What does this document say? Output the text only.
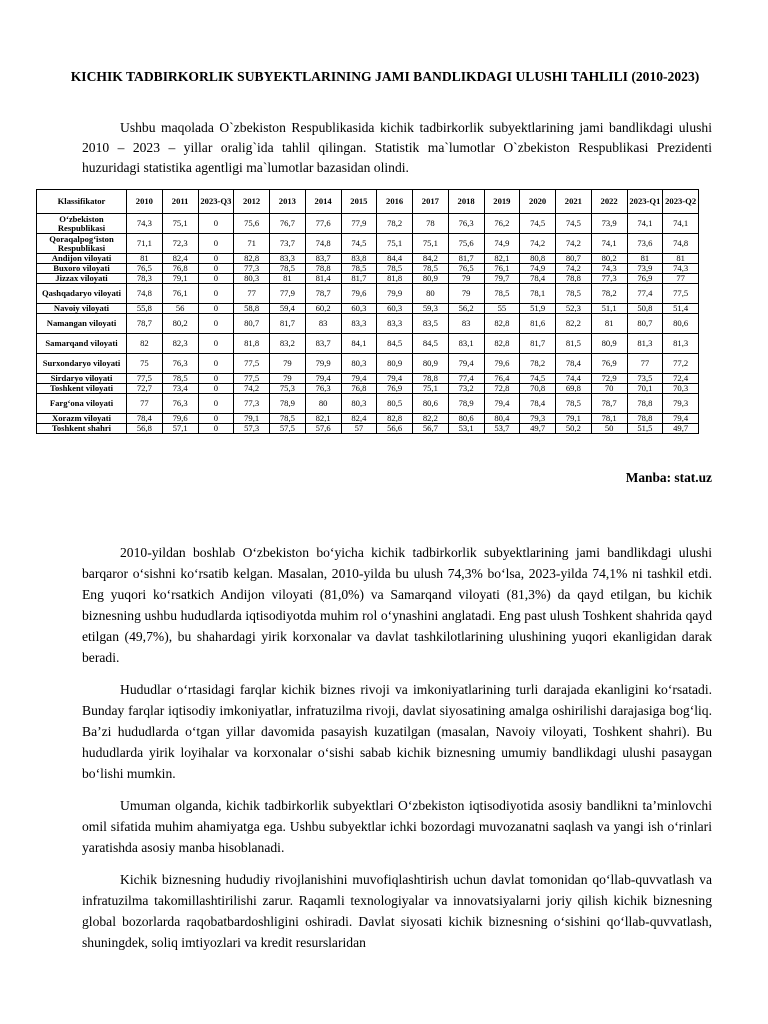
KICHIK TADBIRKORLIK SUBYEKTLARINING JAMI BANDLIKDAGI ULUSHI TAHLILI (2010-2023)

Ushbu maqolada O`zbekiston Respublikasida kichik tadbirkorlik subyektlarining jami bandlikdagi ulushi 2010 – 2023 – yillar oralig`ida tahlil qilingan. Statistik ma`lumotlar O`zbekiston Respublikasi Prezidenti huzuridagi statistika agentligi ma`lumotlar bazasidan olindi.

Klassifikator	2010	2011	2023-Q3	2012	2013	2014	2015	2016	2017	2018	2019	2020	2021	2022	2023-Q1	2023-Q2
O‘zbekiston Respublikasi	74,3	75,1	0	75,6	76,7	77,6	77,9	78,2	78	76,3	76,2	74,5	74,5	73,9	74,1	74,1
Qoraqalpog‘iston Respublikasi	71,1	72,3	0	71	73,7	74,8	74,5	75,1	75,1	75,6	74,9	74,2	74,2	74,1	73,6	74,8
Andijon viloyati	81	82,4	0	82,8	83,3	83,7	83,8	84,4	84,2	81,7	82,1	80,8	80,7	80,2	81	81
Buxoro viloyati	76,5	76,8	0	77,3	78,5	78,8	78,5	78,5	78,5	76,5	76,1	74,9	74,2	74,3	73,9	74,3
Jizzax viloyati	78,3	79,1	0	80,3	81	81,4	81,7	81,8	80,9	79	79,7	78,4	78,8	77,3	76,9	77
Qashqadaryo viloyati	74,8	76,1	0	77	77,9	78,7	79,6	79,9	80	79	78,5	78,1	78,5	78,2	77,4	77,5
Navoiy viloyati	55,8	56	0	58,8	59,4	60,2	60,3	60,3	59,3	56,2	55	51,9	52,3	51,1	50,8	51,4
Namangan viloyati	78,7	80,2	0	80,7	81,7	83	83,3	83,3	83,5	83	82,8	81,6	82,2	81	80,7	80,6
Samarqand viloyati	82	82,3	0	81,8	83,2	83,7	84,1	84,5	84,5	83,1	82,8	81,7	81,5	80,9	81,3	81,3
Surxondaryo viloyati	75	76,3	0	77,5	79	79,9	80,3	80,9	80,9	79,4	79,6	78,2	78,4	76,9	77	77,2
Sirdaryo viloyati	77,5	78,5	0	77,5	79	79,4	79,4	79,4	78,8	77,4	76,4	74,5	74,4	72,9	73,5	72,4
Toshkent viloyati	72,7	73,4	0	74,2	75,3	76,3	76,8	76,9	75,1	73,2	72,8	70,8	69,8	70	70,1	70,3
Farg‘ona viloyati	77	76,3	0	77,3	78,9	80	80,3	80,5	80,6	78,9	79,4	78,4	78,5	78,7	78,8	79,3
Xorazm viloyati	78,4	79,6	0	79,1	78,5	82,1	82,4	82,8	82,2	80,6	80,4	79,3	79,1	78,1	78,8	79,4
Toshkent shahri	56,8	57,1	0	57,3	57,5	57,6	57	56,6	56,7	53,1	53,7	49,7	50,2	50	51,5	49,7
Manba: stat.uz

2010-yildan boshlab O‘zbekiston bo‘yicha kichik tadbirkorlik subyektlarining jami bandlikdagi ulushi barqaror o‘sishni ko‘rsatib kelgan. Masalan, 2010-yilda bu ulush 74,3% bo‘lsa, 2023-yilda 74,1% ni tashkil etdi. Eng yuqori ko‘rsatkich Andijon viloyati (81,0%) va Samarqand viloyati (81,3%) da qayd etilgan, bu kichik biznesning ushbu hududlarda iqtisodiyotda muhim rol o‘ynashini anglatadi. Eng past ulush Toshkent shahrida qayd etilgan (49,7%), bu shahardagi yirik korxonalar va davlat tashkilotlarining ulushining yuqori ekanligidan darak beradi.

Hududlar o‘rtasidagi farqlar kichik biznes rivoji va imkoniyatlarining turli darajada ekanligini ko‘rsatadi. Bunday farqlar iqtisodiy imkoniyatlar, infratuzilma rivoji, davlat siyosatining amalga oshirilishi darajasiga bog‘liq. Ba’zi hududlarda o‘tgan yillar davomida pasayish kuzatilgan (masalan, Navoiy viloyati, Toshkent shahri). Bu hududlarda yirik loyihalar va korxonalar o‘sishi sabab kichik biznesning umumiy bandlikdagi ulushi pasaygan bo‘lishi mumkin.

Umuman olganda, kichik tadbirkorlik subyektlari O‘zbekiston iqtisodiyotida asosiy bandlikni ta’minlovchi omil sifatida muhim ahamiyatga ega. Ushbu subyektlar ichki bozordagi muvozanatni saqlash va yangi ish o‘rinlari yaratishda asosiy manba hisoblanadi.

Kichik biznesning hududiy rivojlanishini muvofiqlashtirish uchun davlat tomonidan qo‘llab-quvvatlash va infratuzilma takomillashtirilishi zarur. Raqamli texnologiyalar va innovatsiyalarni joriy qilish kichik biznesning global bozorlarda raqobatbardoshligini oshiradi. Davlat siyosati kichik biznesning o‘sishini qo‘llab-quvvatlash, shuningdek, soliq imtiyozlari va kredit resurslaridan
